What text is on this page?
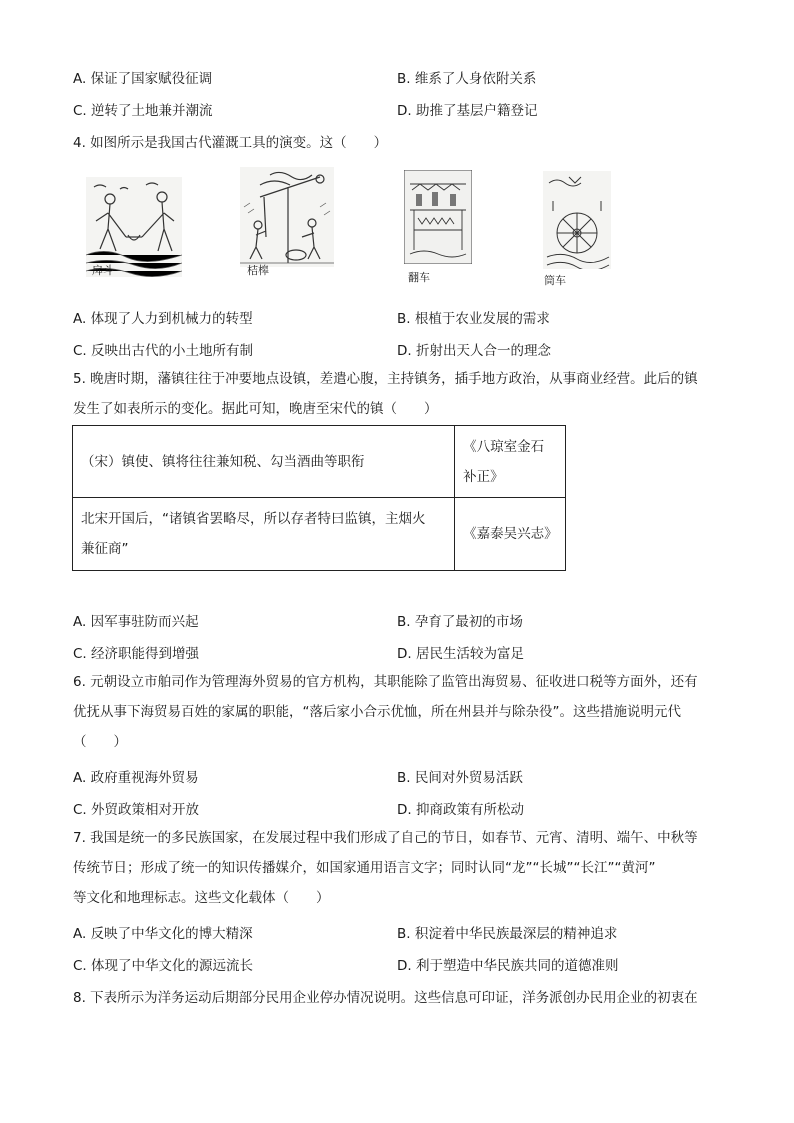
A. 保证了国家赋役征调	B. 维系了人身依附关系
C. 逆转了土地兼并潮流	D. 助推了基层户籍登记
4. 如图所示是我国古代灌溉工具的演变。这（　　）
戽斗	桔槔
翻车	筒车
A. 体现了人力到机械力的转型	B. 根植于农业发展的需求
C. 反映出古代的小土地所有制	D. 折射出天人合一的理念

5. 晚唐时期，藩镇往往于冲要地点设镇，差遣心腹，主持镇务，插手地方政治，从事商业经营。此后的镇

发生了如表所示的变化。据此可知，晚唐至宋代的镇（　　）

（宋）镇使、镇将往往兼知税、勾当酒曲等职衔	《八琼室金石
补正》

北宋开国后，“诸镇省罢略尽，所以存者特曰监镇，主烟火
兼征商”	《嘉泰吴兴志》
A. 因军事驻防而兴起	B. 孕育了最初的市场
C. 经济职能得到增强	D. 居民生活较为富足

6. 元朝设立市舶司作为管理海外贸易的官方机构，其职能除了监管出海贸易、征收进口税等方面外，还有

优抚从事下海贸易百姓的家属的职能，“落后家小合示优恤，所在州县并与除杂役”。这些措施说明元代

（　　）

A. 政府重视海外贸易	B. 民间对外贸易活跃
C. 外贸政策相对开放	D. 抑商政策有所松动

7. 我国是统一的多民族国家，在发展过程中我们形成了自己的节日，如春节、元宵、清明、端午、中秋等

传统节日；形成了统一的知识传播媒介，如国家通用语言文字；同时认同“龙”“长城”“长江”“黄河”

等文化和地理标志。这些文化载体（　　）

A. 反映了中华文化的博大精深	B. 积淀着中华民族最深层的精神追求
C. 体现了中华文化的源远流长	D. 利于塑造中华民族共同的道德准则
8. 下表所示为洋务运动后期部分民用企业停办情况说明。这些信息可印证，洋务派创办民用企业的初衷在
